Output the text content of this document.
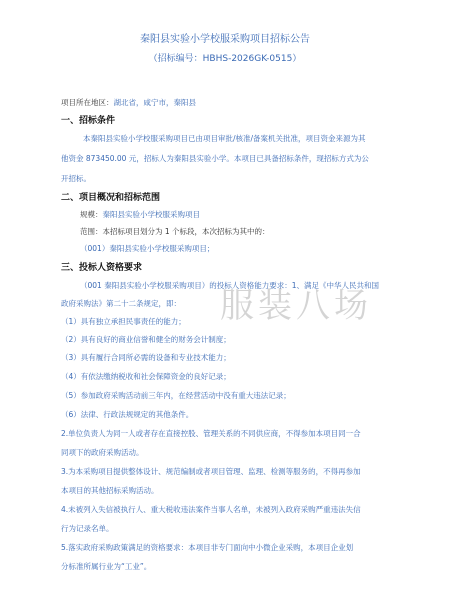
秦阳县实验小学校服采购项目招标公告
（招标编号：HBHS-2026GK-0515）
项目所在地区：湖北省，咸宁市，秦阳县
一、招标条件
本秦阳县实验小学校服采购项目已由项目审批/核准/备案机关批准，项目资金来源为其
他资金 873450.00 元，招标人为秦阳县实验小学。本项目已具备招标条件，现招标方式为公
开招标。
二、项目概况和招标范围
规模：秦阳县实验小学校服采购项目
范围：本招标项目划分为 1 个标段，本次招标为其中的：
（001）秦阳县实验小学校服采购项目；
三、投标人资格要求
（001 秦阳县实验小学校服采购项目）的投标人资格能力要求：1、满足《中华人民共和国
政府采购法》第二十二条规定，即：
（1）具有独立承担民事责任的能力；
（2）具有良好的商业信誉和健全的财务会计制度；
（3）具有履行合同所必需的设备和专业技术能力；
（4）有依法缴纳税收和社会保障资金的良好记录；
（5）参加政府采购活动前三年内，在经营活动中没有重大违法记录；
（6）法律、行政法规规定的其他条件。
2.单位负责人为同一人或者存在直接控股、管理关系的不同供应商，不得参加本项目同一合
同项下的政府采购活动。
3.为本采购项目提供整体设计、规范编制或者项目管理、监理、检测等服务的，不得再参加
本项目的其他招标采购活动。
4.未被列入失信被执行人、重大税收违法案件当事人名单，未被列入政府采购严重违法失信
行为记录名单。
5.落实政府采购政策满足的资格要求：本项目非专门面向中小微企业采购，本项目企业划
分标准所属行业为“工业”。
服装八场
